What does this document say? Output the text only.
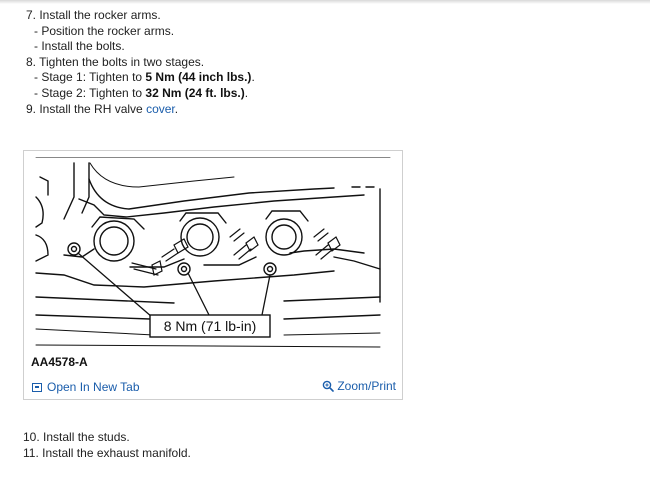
7. Install the rocker arms.
- Position the rocker arms.
- Install the bolts.
8. Tighten the bolts in two stages.
- Stage 1: Tighten to 5 Nm (44 inch lbs.).
- Stage 2: Tighten to 32 Nm (24 ft. lbs.).
9. Install the RH valve cover.
8 Nm (71 lb-in)
AA4578-A
Open In New Tab	Zoom/Print
10. Install the studs.
11. Install the exhaust manifold.
